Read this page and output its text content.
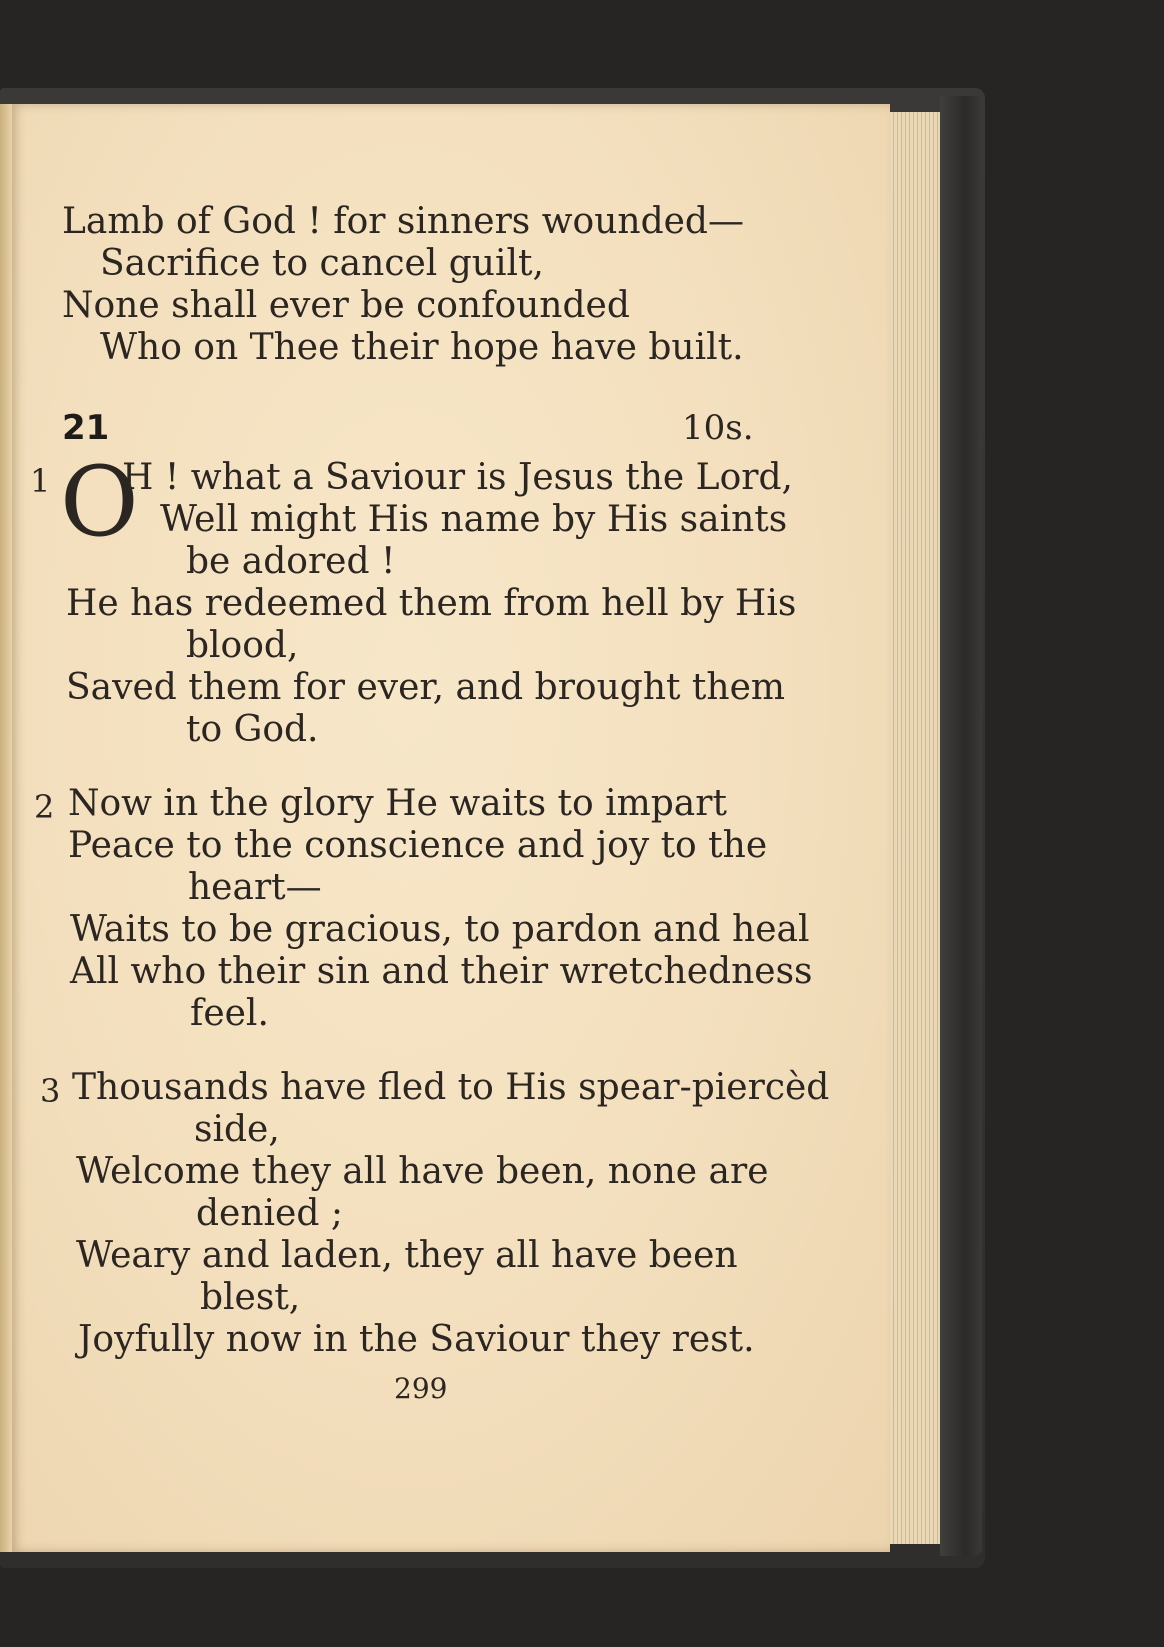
Lamb of God ! for sinners wounded—
Sacrifice to cancel guilt,
None shall ever be confounded
Who on Thee their hope have built.
21	10s.
1 O
H ! what a Saviour is Jesus the Lord,
Well might His name by His saints
be adored !
He has redeemed them from hell by His
blood,
Saved them for ever, and brought them
to God.
2 Now in the glory He waits to impart
Peace to the conscience and joy to the
heart—
Waits to be gracious, to pardon and heal
All who their sin and their wretchedness
feel.
3 Thousands have fled to His spear-piercèd
side,
Welcome they all have been, none are
denied ;
Weary and laden, they all have been
blest,
Joyfully now in the Saviour they rest.
299
